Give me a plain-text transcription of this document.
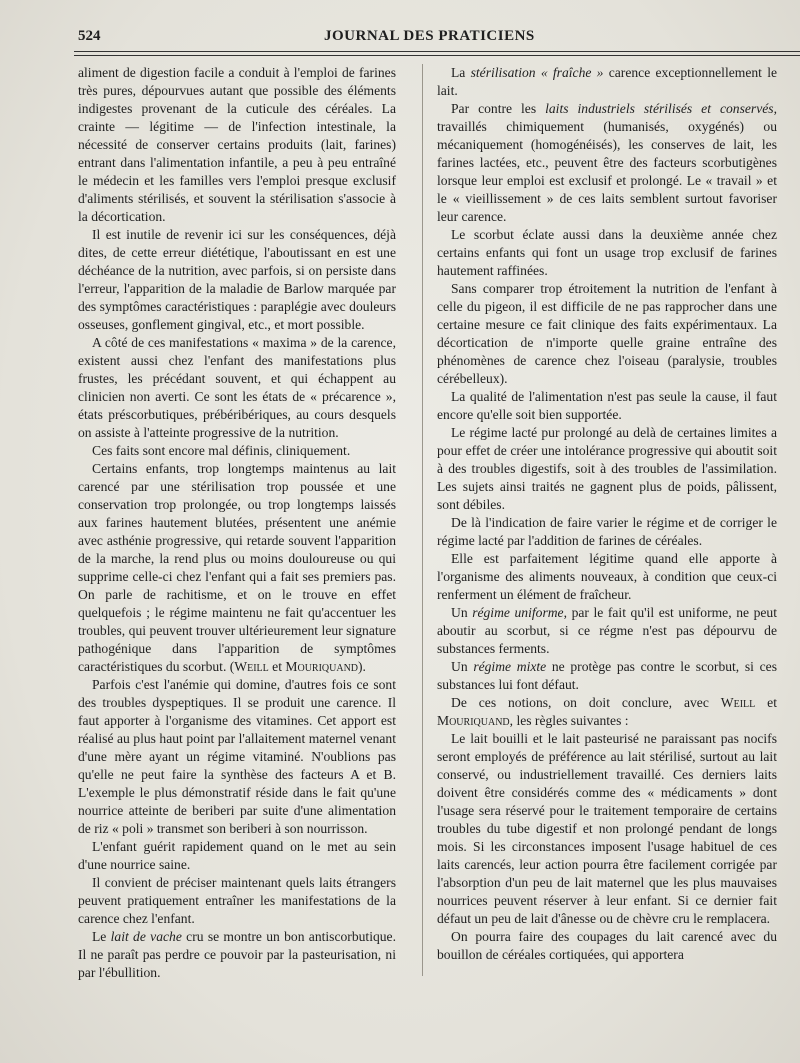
524	JOURNAL DES PRATICIENS

aliment de digestion facile a conduit à l'emploi de farines très pures, dépourvues autant que possible des éléments indigestes provenant de la cuticule des céréales. La crainte — légitime — de l'infection intestinale, la nécessité de conserver certains produits (lait, farines) entrant dans l'alimentation infantile, a peu à peu entraîné le médecin et les familles vers l'emploi presque exclusif d'aliments stérilisés, et souvent la stérilisation s'associe à la décortication.

Il est inutile de revenir ici sur les conséquences, déjà dites, de cette erreur diététique, l'aboutissant en est une déchéance de la nutrition, avec parfois, si on persiste dans l'erreur, l'apparition de la maladie de Barlow marquée par des symptômes caractéristiques : paraplégie avec douleurs osseuses, gonflement gingival, etc., et mort possible.

A côté de ces manifestations « maxima » de la carence, existent aussi chez l'enfant des manifestations plus frustes, les précédant souvent, et qui échappent au clinicien non averti. Ce sont les états de « précarence », états préscorbutiques, prébéribériques, au cours desquels on assiste à l'atteinte progressive de la nutrition.

Ces faits sont encore mal définis, cliniquement.

Certains enfants, trop longtemps maintenus au lait carencé par une stérilisation trop poussée et une conservation trop prolongée, ou trop longtemps laissés aux farines hautement blutées, présentent une anémie avec asthénie progressive, qui retarde souvent l'apparition de la marche, la rend plus ou moins douloureuse ou qui supprime celle-ci chez l'enfant qui a fait ses premiers pas. On parle de rachitisme, et on le trouve en effet quelquefois ; le régime maintenu ne fait qu'accentuer les troubles, qui peuvent trouver ultérieurement leur signature pathogénique dans l'apparition de symptômes caractéristiques du scorbut. (Weill et Mouriquand).

Parfois c'est l'anémie qui domine, d'autres fois ce sont des troubles dyspeptiques. Il se produit une carence. Il faut apporter à l'organisme des vitamines. Cet apport est réalisé au plus haut point par l'allaitement maternel venant d'une mère ayant un régime vitaminé. N'oublions pas qu'elle ne peut faire la synthèse des facteurs A et B. L'exemple le plus démonstratif réside dans le fait qu'une nourrice atteinte de beriberi par suite d'une alimentation de riz « poli » transmet son beriberi à son nourrisson.

L'enfant guérit rapidement quand on le met au sein d'une nourrice saine.

Il convient de préciser maintenant quels laits étrangers peuvent pratiquement entraîner les manifestations de la carence chez l'enfant.

Le lait de vache cru se montre un bon antiscorbutique. Il ne paraît pas perdre ce pouvoir par la pasteurisation, ni par l'ébullition.

La stérilisation « fraîche » carence exceptionnellement le lait.

Par contre les laits industriels stérilisés et conservés, travaillés chimiquement (humanisés, oxygénés) ou mécaniquement (homogénéisés), les conserves de lait, les farines lactées, etc., peuvent être des facteurs scorbutigènes lorsque leur emploi est exclusif et prolongé. Le « travail » et le « vieillissement » de ces laits semblent surtout favoriser leur carence.

Le scorbut éclate aussi dans la deuxième année chez certains enfants qui font un usage trop exclusif de farines hautement raffinées.

Sans comparer trop étroitement la nutrition de l'enfant à celle du pigeon, il est difficile de ne pas rapprocher dans une certaine mesure ce fait clinique des faits expérimentaux. La décortication de n'importe quelle graine entraîne des phénomènes de carence chez l'oiseau (paralysie, troubles cérébelleux).

La qualité de l'alimentation n'est pas seule la cause, il faut encore qu'elle soit bien supportée.

Le régime lacté pur prolongé au delà de certaines limites a pour effet de créer une intolérance progressive qui aboutit soit à des troubles digestifs, soit à des troubles de l'assimilation. Les sujets ainsi traités ne gagnent plus de poids, pâlissent, sont débiles.

De là l'indication de faire varier le régime et de corriger le régime lacté par l'addition de farines de céréales.

Elle est parfaitement légitime quand elle apporte à l'organisme des aliments nouveaux, à condition que ceux-ci renferment un élément de fraîcheur.

Un régime uniforme, par le fait qu'il est uniforme, ne peut aboutir au scorbut, si ce régme n'est pas dépourvu de substances ferments.

Un régime mixte ne protège pas contre le scorbut, si ces substances lui font défaut.

De ces notions, on doit conclure, avec Weill et Mouriquand, les règles suivantes :

Le lait bouilli et le lait pasteurisé ne paraissant pas nocifs seront employés de préférence au lait stérilisé, surtout au lait conservé, ou industriellement travaillé. Ces derniers laits doivent être considérés comme des « médicaments » dont l'usage sera réservé pour le traitement temporaire de certains troubles du tube digestif et non prolongé pendant de longs mois. Si les circonstances imposent l'usage habituel de ces laits carencés, leur action pourra être facilement corrigée par l'absorption d'un peu de lait maternel que les plus mauvaises nourrices peuvent réserver à leur enfant. Si ce dernier fait défaut un peu de lait d'ânesse ou de chèvre cru le remplacera.

On pourra faire des coupages du lait carencé avec du bouillon de céréales cortiquées, qui apportera
